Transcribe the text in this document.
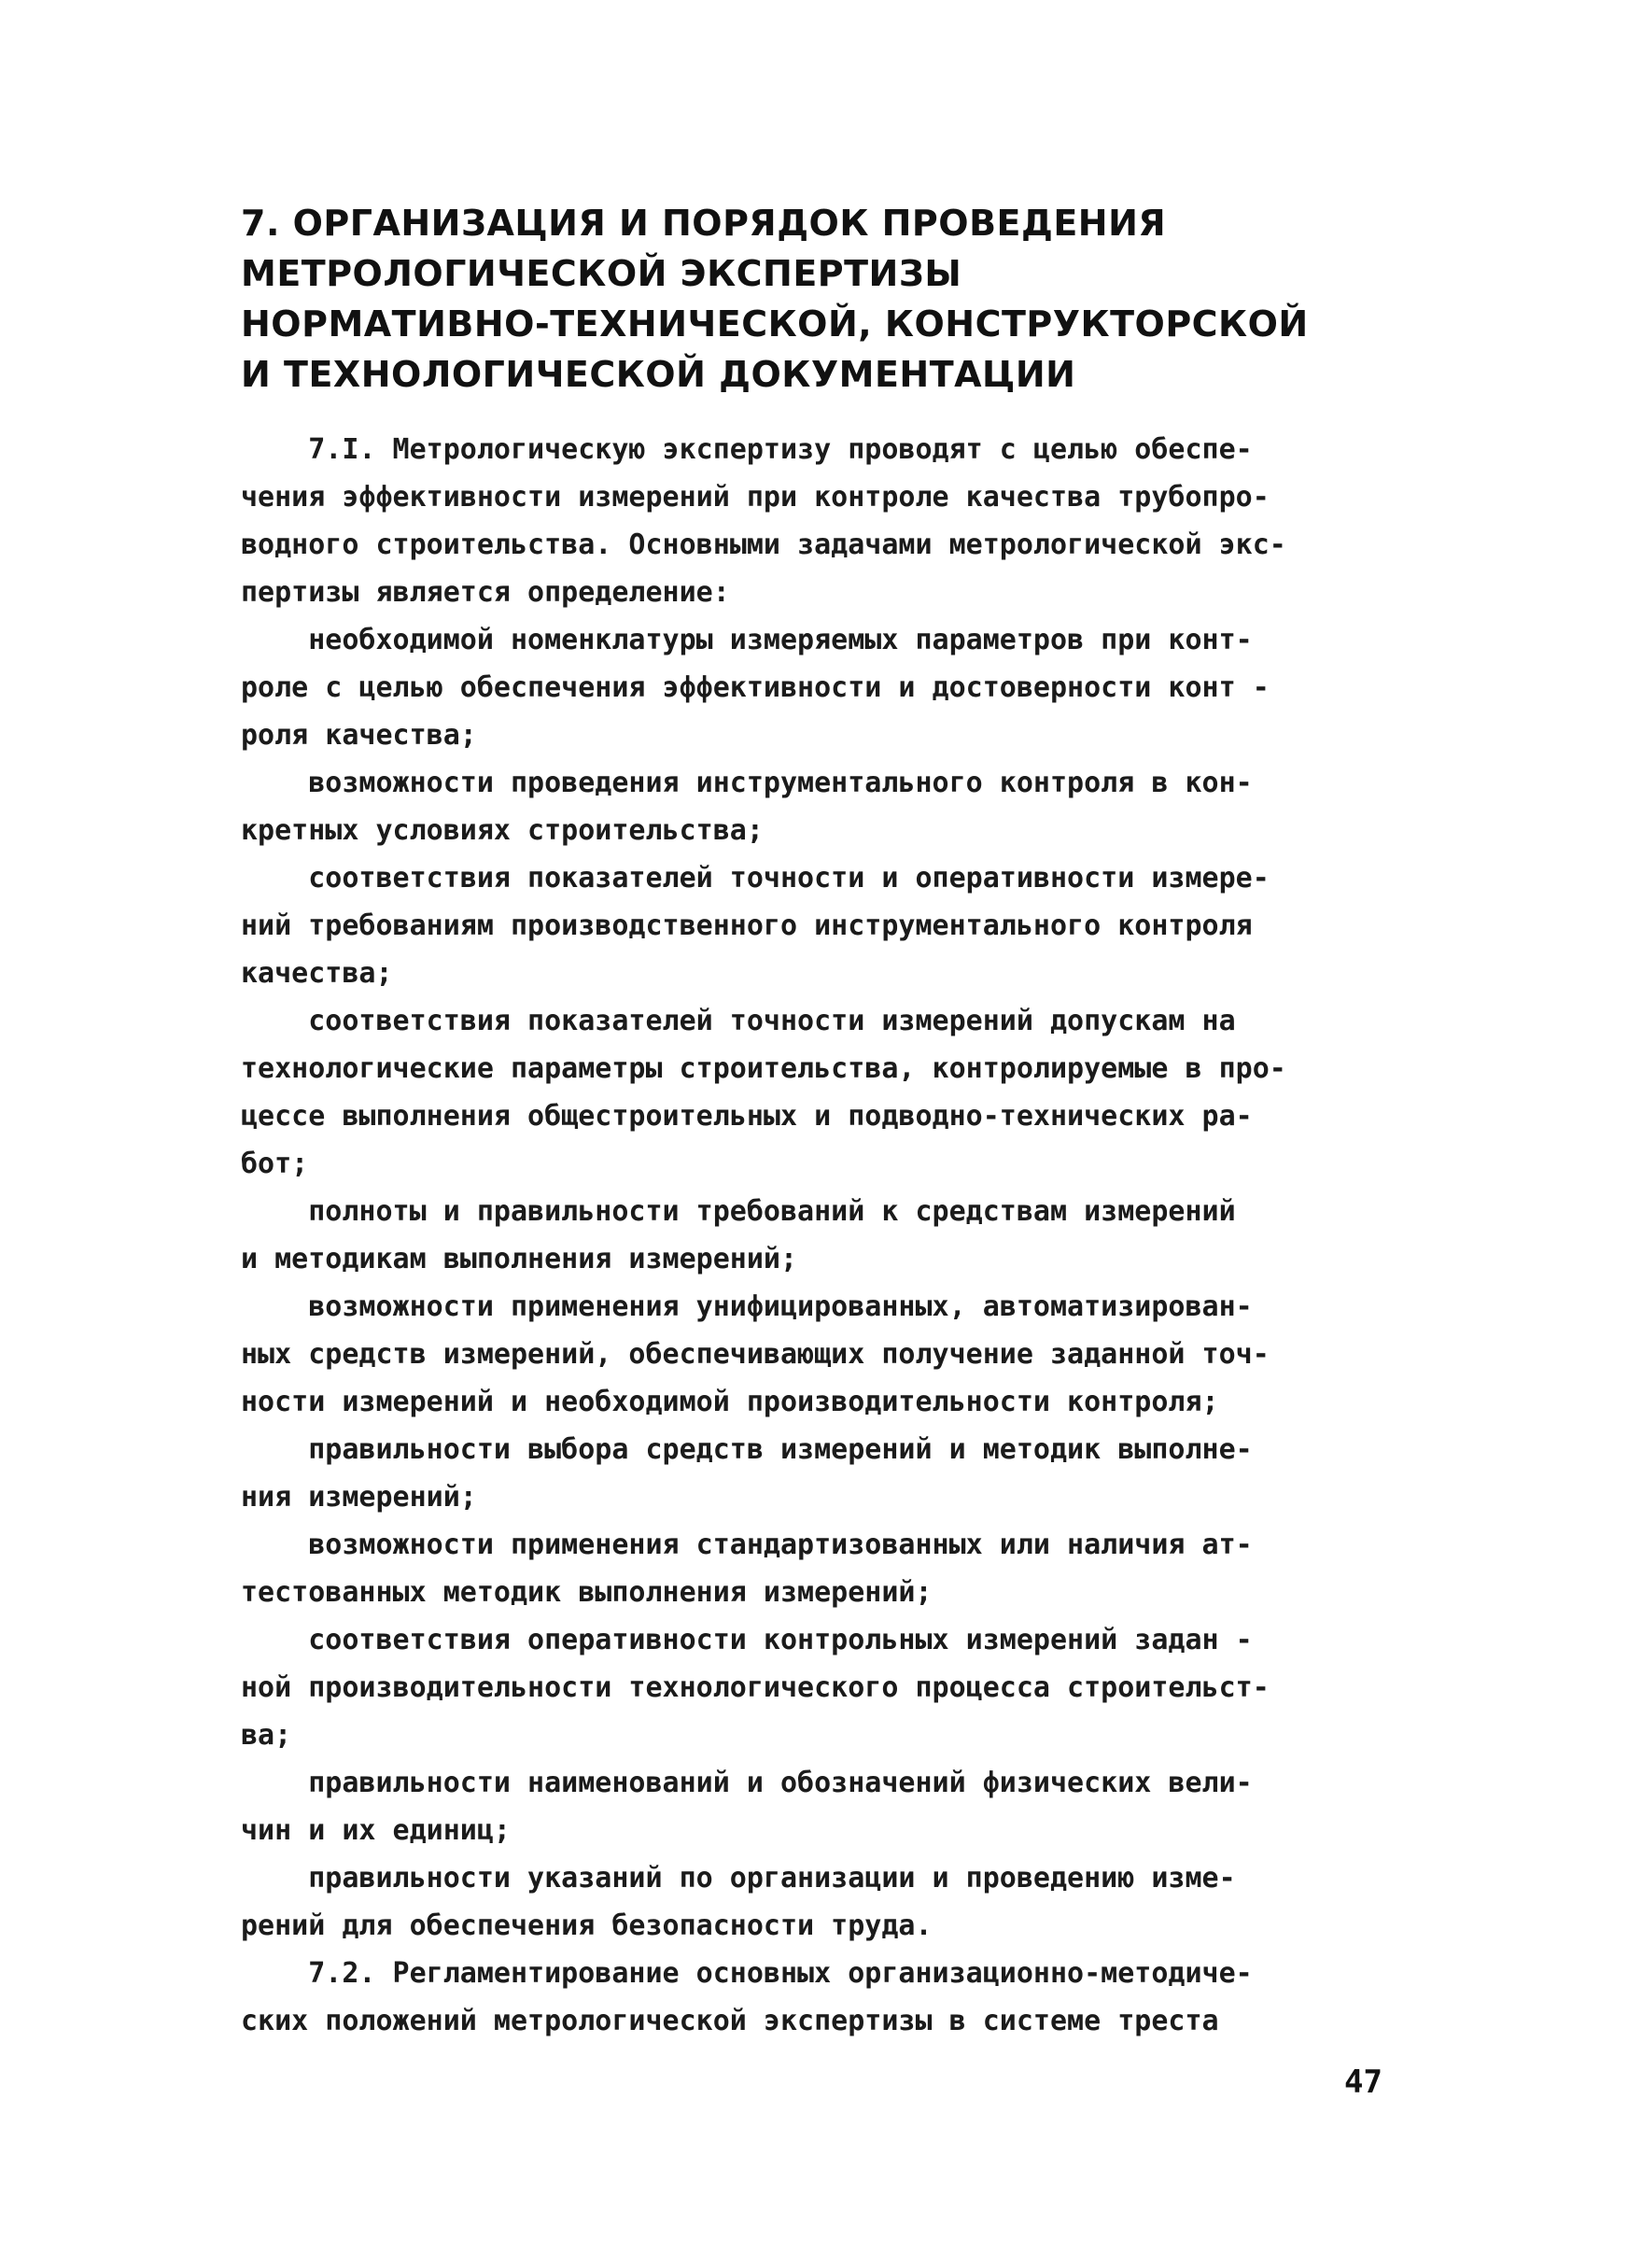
7. ОРГАНИЗАЦИЯ И ПОРЯДОК ПРОВЕДЕНИЯ
МЕТРОЛОГИЧЕСКОЙ ЭКСПЕРТИЗЫ
НОРМАТИВНО-ТЕХНИЧЕСКОЙ, КОНСТРУКТОРСКОЙ
И ТЕХНОЛОГИЧЕСКОЙ ДОКУМЕНТАЦИИ
7.I. Метрологическую экспертизу проводят с целью обеспе-
чения эффективности измерений при контроле качества трубопро-
водного строительства. Основными задачами метрологической экс-
пертизы является определение:
необходимой номенклатуры измеряемых параметров при конт-
роле с целью обеспечения эффективности и достоверности конт -
роля качества;
возможности проведения инструментального контроля в кон-
кретных условиях строительства;
соответствия показателей точности и оперативности измере-
ний требованиям производственного инструментального контроля
качества;
соответствия показателей точности измерений допускам на
технологические параметры строительства, контролируемые в про-
цессе выполнения общестроительных и подводно-технических ра-
бот;
полноты и правильности требований к средствам измерений
и методикам выполнения измерений;
возможности применения унифицированных, автоматизирован-
ных средств измерений, обеспечивающих получение заданной точ-
ности измерений и необходимой производительности контроля;
правильности выбора средств измерений и методик выполне-
ния измерений;
возможности применения стандартизованных или наличия ат-
тестованных методик выполнения измерений;
соответствия оперативности контрольных измерений задан -
ной производительности технологического процесса строительст-
ва;
правильности наименований и обозначений физических вели-
чин и их единиц;
правильности указаний по организации и проведению изме-
рений для обеспечения безопасности труда.
7.2. Регламентирование основных организационно-методиче-
ских положений метрологической экспертизы в системе треста
47
